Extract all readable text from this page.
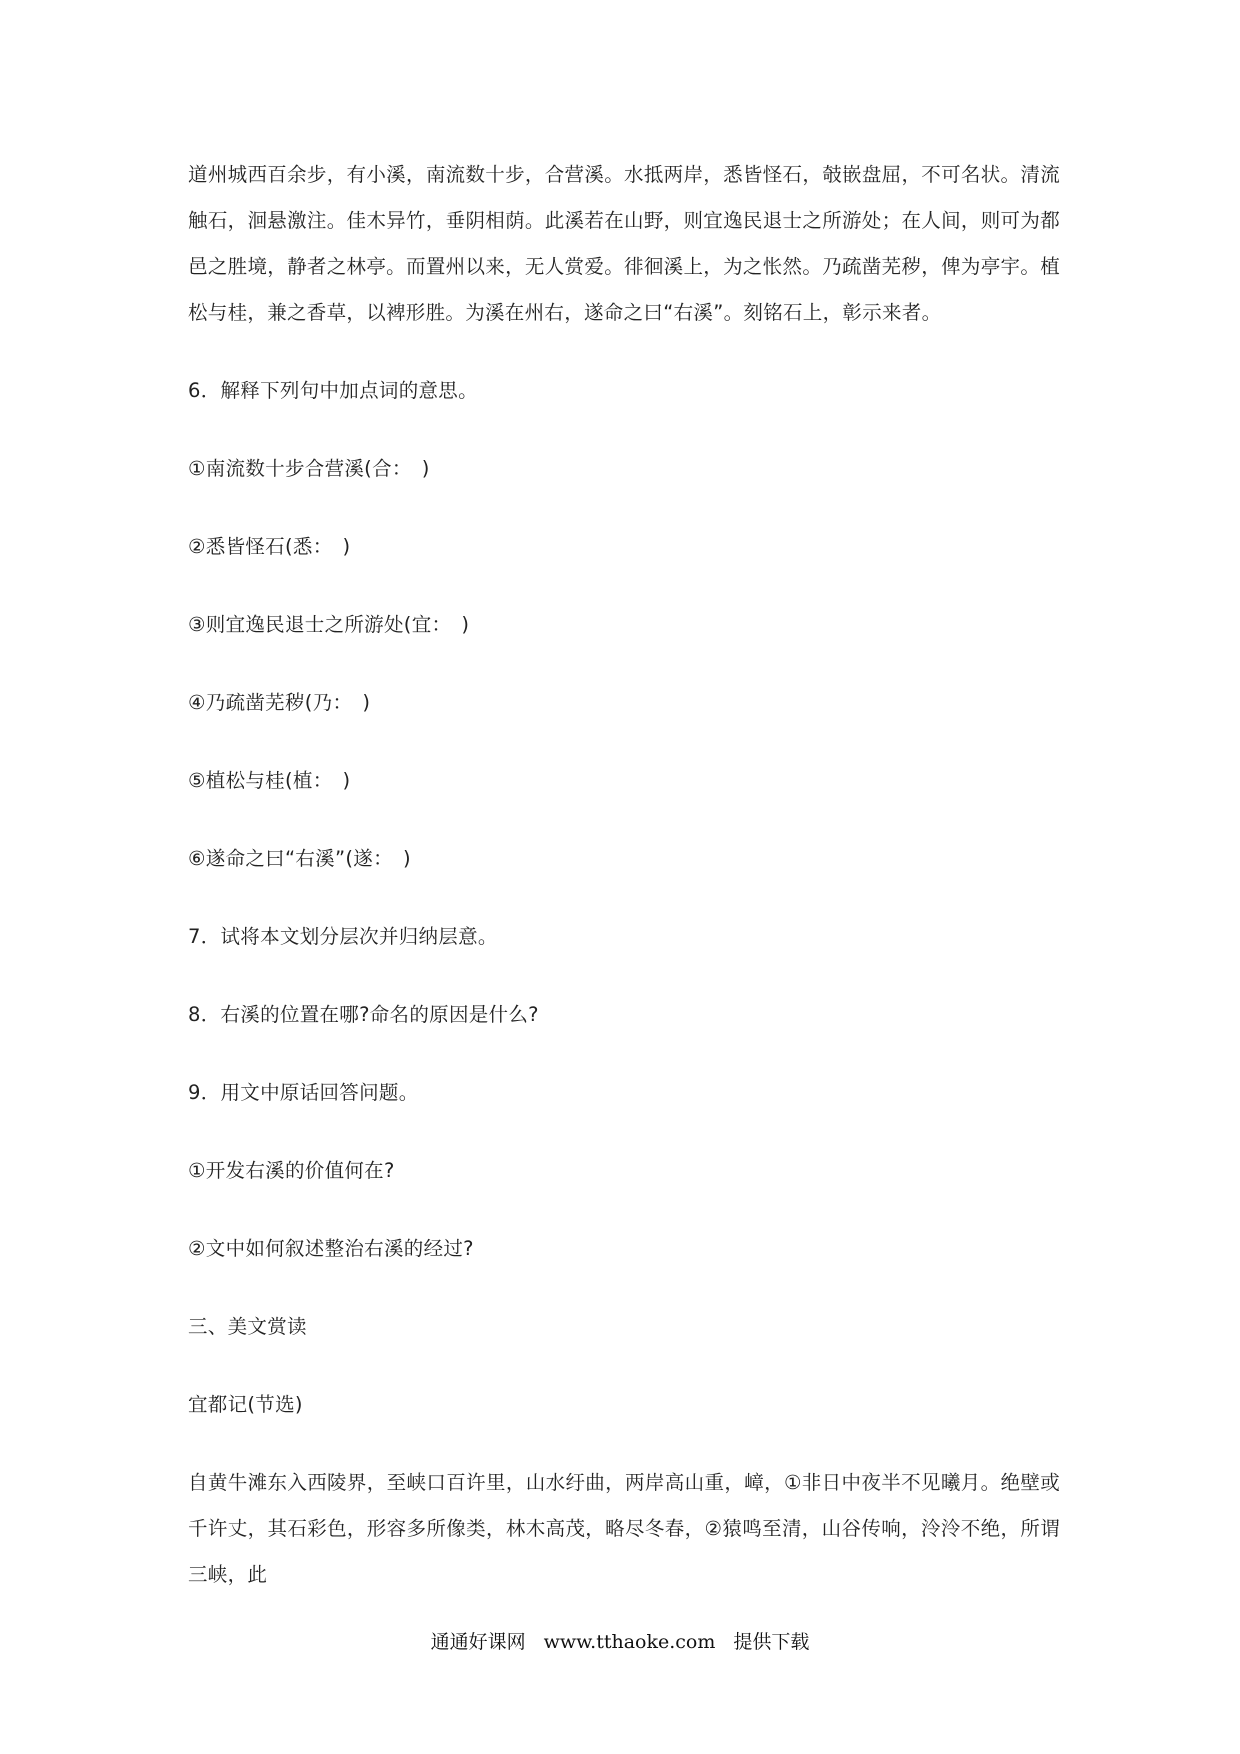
道州城西百余步，有小溪，南流数十步，合营溪。水抵两岸，悉皆怪石，攲嵌盘屈，不可名状。清流触石，洄悬激注。佳木异竹，垂阴相荫。此溪若在山野，则宜逸民退士之所游处；在人间，则可为都邑之胜境，静者之林亭。而置州以来，无人赏爱。徘徊溪上，为之怅然。乃疏凿芜秽，俾为亭宇。植松与桂，兼之香草，以裨形胜。为溪在州右，遂命之曰“右溪”。刻铭石上，彰示来者。

6．解释下列句中加点词的意思。

①南流数十步合营溪(合：　)

②悉皆怪石(悉：　)

③则宜逸民退士之所游处(宜：　)

④乃疏凿芜秽(乃：　)

⑤植松与桂(植：　)

⑥遂命之曰“右溪”(遂：　)

7．试将本文划分层次并归纳层意。

8．右溪的位置在哪?命名的原因是什么?

9．用文中原话回答问题。

①开发右溪的价值何在?

②文中如何叙述整治右溪的经过?

三、美文赏读

宜都记(节选)

自黄牛滩东入西陵界，至峡口百许里，山水纡曲，两岸高山重，嶂，①非日中夜半不见曦月。绝壁或千许丈，其石彩色，形容多所像类，林木高茂，略尽冬春，②猿鸣至清，山谷传响，泠泠不绝，所谓三峡，此

通通好课网 www.tthaoke.com 提供下载
